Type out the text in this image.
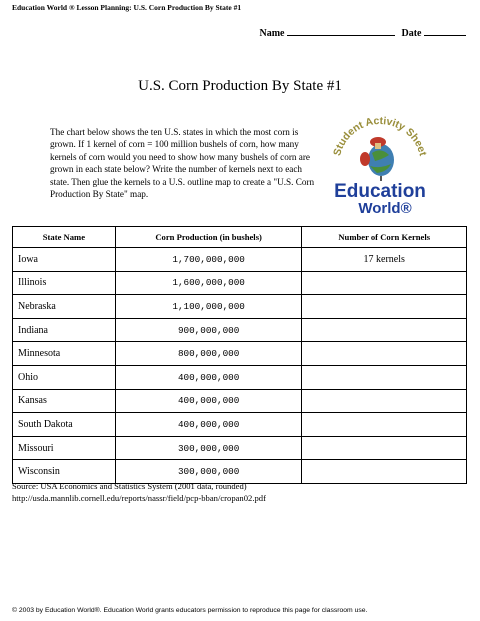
Education World ® Lesson Planning: U.S. Corn Production By State #1
Name	Date
U.S. Corn Production By State #1
The chart below shows the ten U.S. states in which the most corn is grown. If 1 kernel of corn = 100 million bushels of corn, how many kernels of corn would you need to show how many bushels of corn are grown in each state below? Write the number of kernels next to each state. Then glue the kernels to a U.S. outline map to create a "U.S. Corn Production By State" map.
Student Activity Sheet
Education
World®
State Name	Corn Production (in bushels)	Number of Corn Kernels
Iowa	1,700,000,000	17 kernels
Illinois	1,600,000,000	
Nebraska	1,100,000,000	
Indiana	900,000,000	
Minnesota	800,000,000	
Ohio	400,000,000	
Kansas	400,000,000	
South Dakota	400,000,000	
Missouri	300,000,000	
Wisconsin	300,000,000	
Source: USA Economics and Statistics System (2001 data, rounded)
http://usda.mannlib.cornell.edu/reports/nassr/field/pcp-bban/cropan02.pdf
© 2003 by Education World®. Education World grants educators permission to reproduce this page for classroom use.
